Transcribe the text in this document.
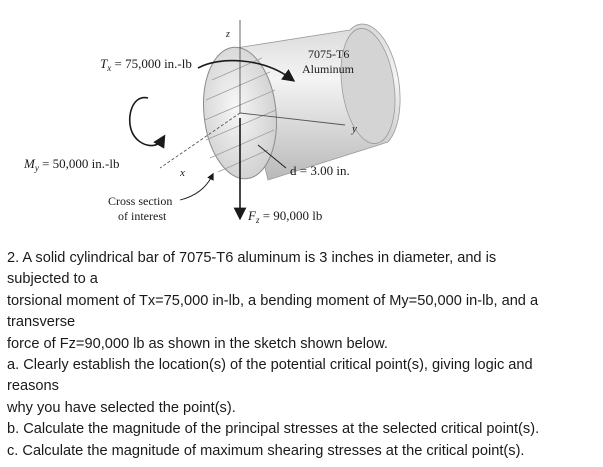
z
x
y
7075-T6
Aluminum
$T_x = 75,000$ in.-lb
$M_y = 50,000$ in.-lb	d = 3.00 in.
Cross section
of interest	$F_z = 90,000$ lb
2. A solid cylindrical bar of 7075-T6 aluminum is 3 inches in diameter, and is
subjected to a
torsional moment of Tx=75,000 in-lb, a bending moment of My=50,000 in-lb, and a
transverse
force of Fz=90,000 lb as shown in the sketch shown below.
a. Clearly establish the location(s) of the potential critical point(s), giving logic and
reasons
why you have selected the point(s).
b. Calculate the magnitude of the principal stresses at the selected critical point(s).
c. Calculate the magnitude of maximum shearing stresses at the critical point(s).
